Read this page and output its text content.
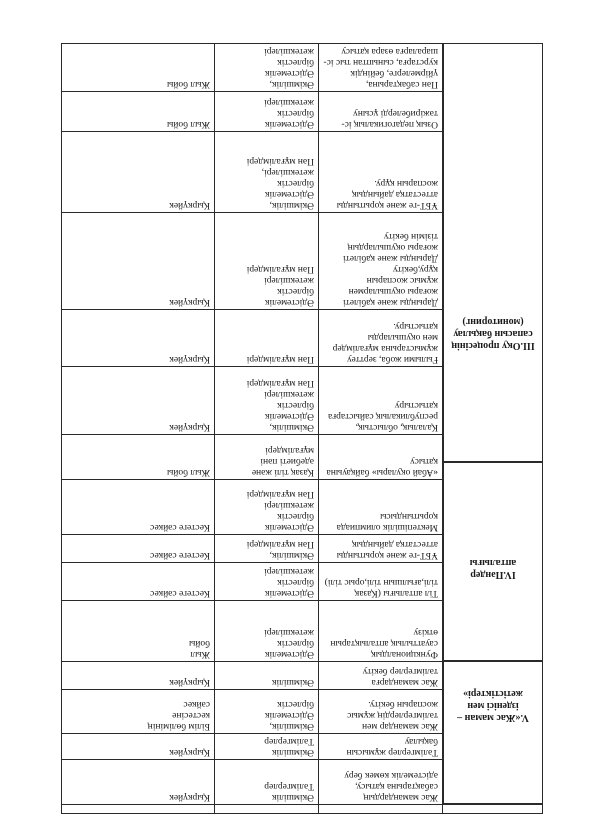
Жас мамандардың сабақтарына қатысу, әдістемелік көмек беру
Әкімшілік
Тәлімгерлер
Қыркүйек
Тәлімгерлер жұмысын бақылау
Әкімшілік
Тәлімгерлер
Қыркүйек
Жас мамандар мен тәлімгерлердің жұмыс жоспарын бекіту.
Әкімшілік,
Әдістемелік
бірлестік
Білім бөлімінің
кестесіне
сәйкес
Жас мамандарға тәлімгерлер бекіту
Әкімшілік
Қыркүйек
Функционалдық сауаттылық апталықтарын өткізу
Әдістемелік
бірлестік
жетекшілері
Жыл
бойы
Тіл апталығы (Қазақ тілі,ағылшын тілі,орыс тілі)
Әдістемелік
бірлестік
жетекшілері
Кестеге сәйкес
ҰБТ-ге және қорытынды аттестатқа дайындық
Әкімшілік,
Пән мұғалімдері
Кестеге сәйкес
Мектепішілік олимпиада қорытындысы
Әдістемелік
бірлестік
жетекшілері
Пән мұғалімдері
Кестеге сәйкес
«Абай оқулары» байқауына қатысу
Қазақ тілі және әдебиеті пәні мұғалімдері
Жыл бойы
Қалалық, облыстық, республикалық сайыстарға қатыстыру
Әкімшілік,
Әдістемелік
бірлестік
жетекшілері
Пән мұғалімдері
Қыркүйек
Ғылыми жоба, зерттеу жұмыстарына мұғалімдер мен оқушыларды қатыстыру.
Пән мұғалімдері
Қыркүйек
Дарынды және қабілеті жоғары оқушылармен жұмыс жоспарын құру,бекіту
Дарынды және қабілеті жоғары оқушылардың тізімін бекіту
Әдістемелік
бірлестік
жетекшілері
Пән мұғалімдері
Қыркүйек
ҰБТ-ге және қорытынды аттестатқа дайындық жоспарын құру.
Әкімшілік,
Әдістемелік
бірлестік
жетекшілері,
Пән мұғалімдері
Қыркүйек
Озық педагогикалық іс-тәжірибелерді ұсыну
Әдістемелік
бірлестік
жетекшілері
Жыл бойы
Пән сабақтарына, үйірмелерге, бейіндік курстарға, сыныптан тыс іс-шараларға өзара қатысу
Әкімшілік,
Әдістемелік
бірлестік
жетекшілері
Жыл бойы
V.«Жас маман – ізденісі мен жетістіктері»
IV.Пәндер апталығы
III.Оқу процесінің сапасын бақылау (мониторинг)
